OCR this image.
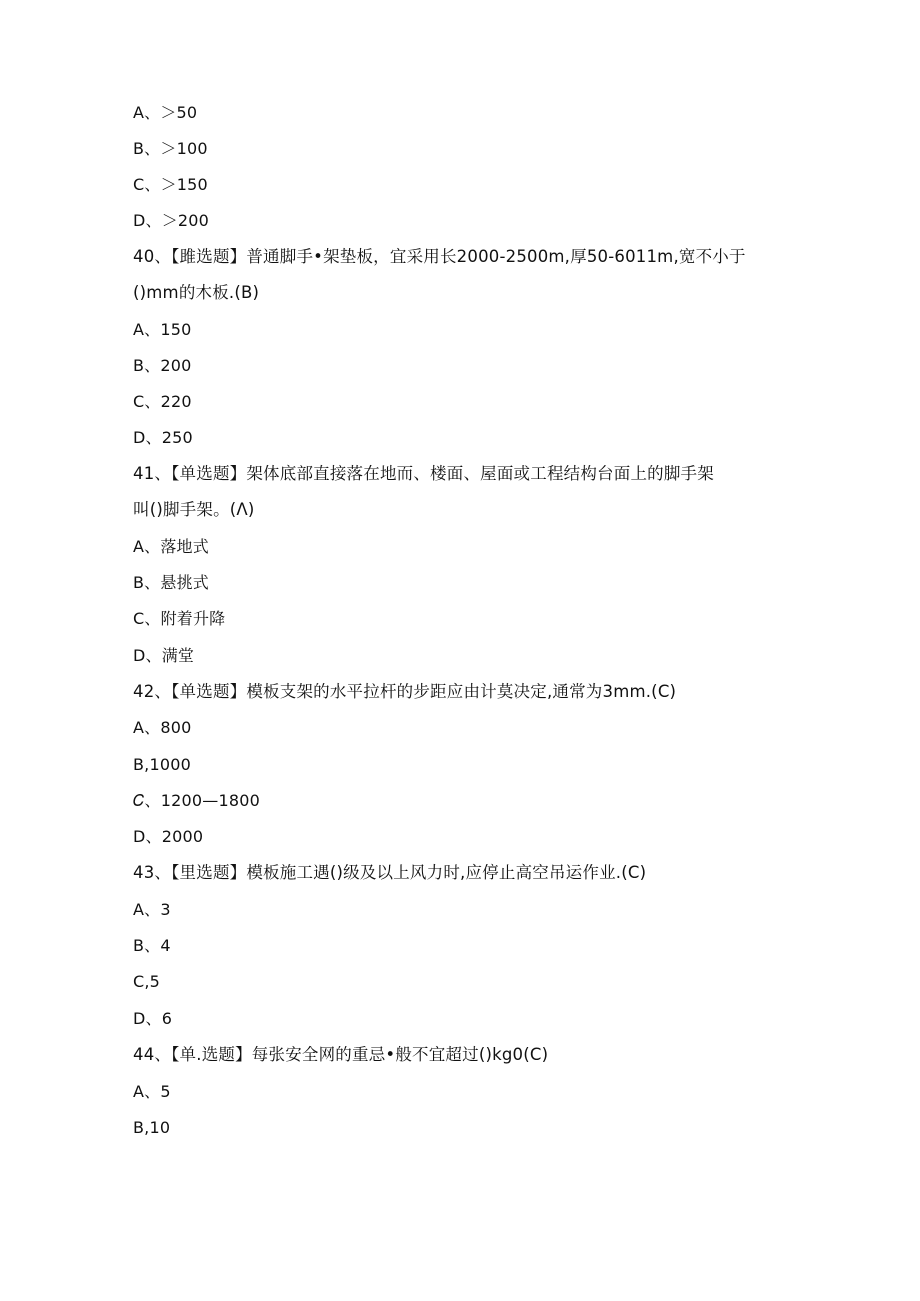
A、＞50
B、＞100
C、＞150
D、＞200
40、【雎选题】普通脚手•架垫板，宜采用长2000-2500m,厚50-6011m,宽不小于
()mm的木板.(B)
A、150
B、200
C、220
D、250
41、【单选题】架体底部直接落在地而、楼面、屋面或工程结构台面上的脚手架
叫()脚手架。(Λ)
A、落地式
B、悬挑式
C、附着升降
D、满堂
42、【单选题】模板支架的水平拉杆的步距应由计莫决定,通常为3mm.(C)
A、800
B,1000
𝐶、1200—1800
D、2000
43、【里选题】模板施工遇()级及以上风力时,应停止高空吊运作业.(C)
A、3
B、4
C,5
D、6
44、【单.选题】每张安全网的重忌•般不宜超过()kg0(C)
A、5
B,10
